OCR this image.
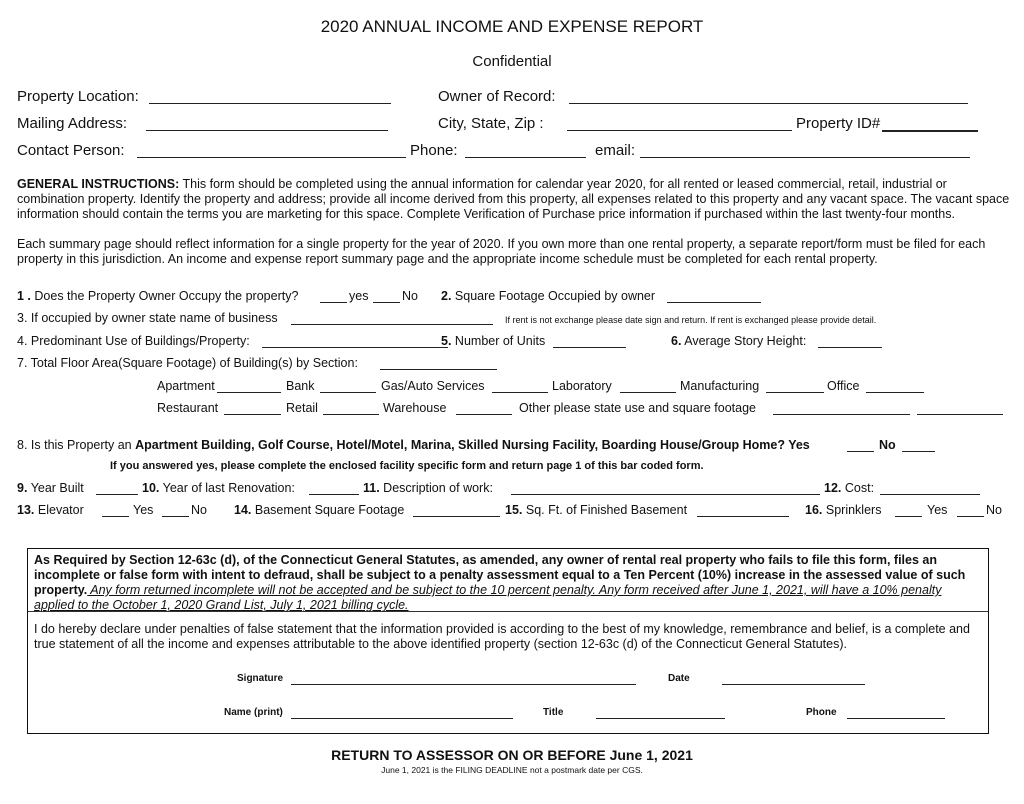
2020 ANNUAL INCOME AND EXPENSE REPORT
Confidential
Property Location:	Owner of Record:
Mailing Address:	City, State, Zip :	Property ID#
Contact Person:	Phone:	email:
GENERAL INSTRUCTIONS: This form should be completed using the annual information for calendar year 2020, for all rented or leased commercial, retail, industrial or combination property. Identify the property and address; provide all income derived from this property, all expenses related to this property and any vacant space. The vacant space information should contain the terms you are marketing for this space. Complete Verification of Purchase price information if purchased within the last twenty-four months.
Each summary page should reflect information for a single property for the year of 2020. If you own more than one rental property, a separate report/form must be filed for each property in this jurisdiction. An income and expense report summary page and the appropriate income schedule must be completed for each rental property.
1 . Does the Property Owner Occupy the property?	yes	No 2. Square Footage Occupied by owner
3. If occupied by owner state name of business	If rent is not exchange please date sign and return. If rent is exchanged please provide detail.
4. Predominant Use of Buildings/Property:	5. Number of Units	6. Average Story Height:
7. Total Floor Area(Square Footage) of Building(s) by Section:
Apartment	Bank	Gas/Auto Services	Laboratory	Manufacturing	Office
Restaurant	Retail	Warehouse	Other please state use and square footage
8. Is this Property an Apartment Building, Golf Course, Hotel/Motel, Marina, Skilled Nursing Facility, Boarding House/Group Home? Yes	No
If you answered yes, please complete the enclosed facility specific form and return page 1 of this bar coded form.
9. Year Built	10. Year of last Renovation:	11. Description of work:	12. Cost:
13. Elevator	Yes	No 14. Basement Square Footage	15. Sq. Ft. of Finished Basement	16. Sprinklers	Yes	No
As Required by Section 12-63c (d), of the Connecticut General Statutes, as amended, any owner of rental real property who fails to file this form, files an incomplete or false form with intent to defraud, shall be subject to a penalty assessment equal to a Ten Percent (10%) increase in the assessed value of such property. Any form returned incomplete will not be accepted and be subject to the 10 percent penalty. Any form received after June 1, 2021, will have a 10% penalty applied to the October 1, 2020 Grand List, July 1, 2021 billing cycle.
I do hereby declare under penalties of false statement that the information provided is according to the best of my knowledge, remembrance and belief, is a complete and true statement of all the income and expenses attributable to the above identified property (section 12-63c (d) of the Connecticut General Statutes).
Signature	Date
Name (print)	Title	Phone
RETURN TO ASSESSOR ON OR BEFORE June 1, 2021
June 1, 2021 is the FILING DEADLINE not a postmark date per CGS.
